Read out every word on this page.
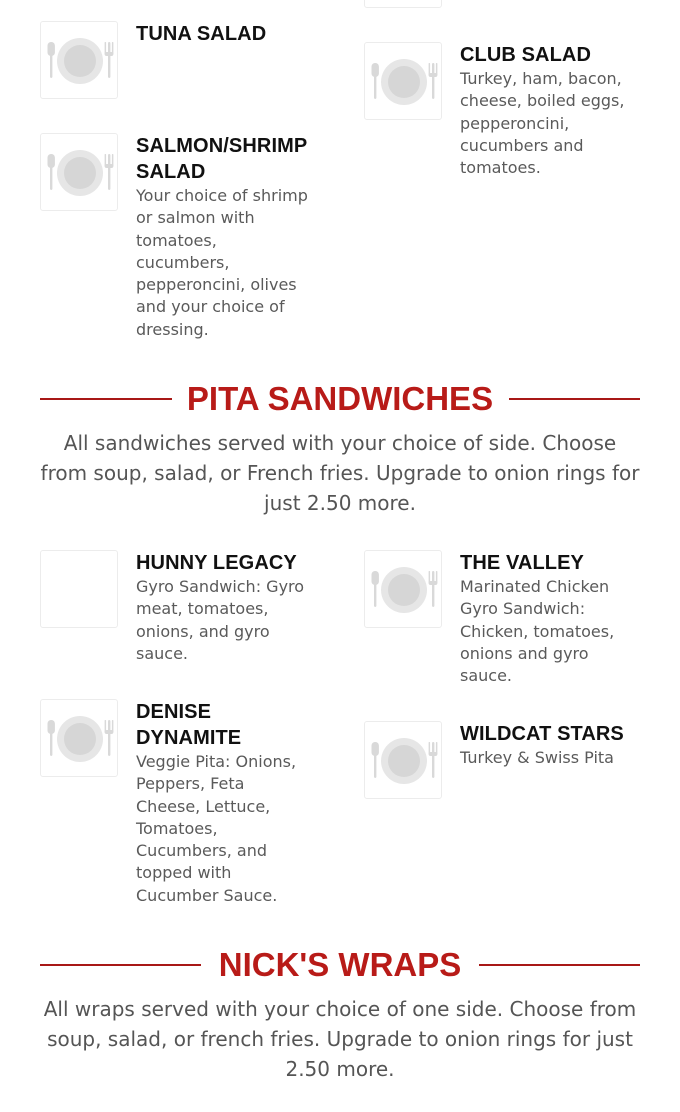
TUNA SALAD
CLUB SALAD

Turkey, ham, bacon, cheese, boiled eggs, pepperoncini, cucumbers and tomatoes.

SALMON/SHRIMP SALAD

Your choice of shrimp or salmon with tomatoes, cucumbers, pepperoncini, olives and your choice of dressing.

PITA SANDWICHES

All sandwiches served with your choice of side. Choose from soup, salad, or French fries. Upgrade to onion rings for just 2.50 more.

HUNNY LEGACY

Gyro Sandwich: Gyro meat, tomatoes, onions, and gyro sauce.

THE VALLEY

Marinated Chicken Gyro Sandwich: Chicken, tomatoes, onions and gyro sauce.

DENISE DYNAMITE

Veggie Pita: Onions, Peppers, Feta Cheese, Lettuce, Tomatoes, Cucumbers, and topped with Cucumber Sauce.

WILDCAT STARS

Turkey & Swiss Pita

NICK'S WRAPS

All wraps served with your choice of one side. Choose from soup, salad, or french fries. Upgrade to onion rings for just 2.50 more.
